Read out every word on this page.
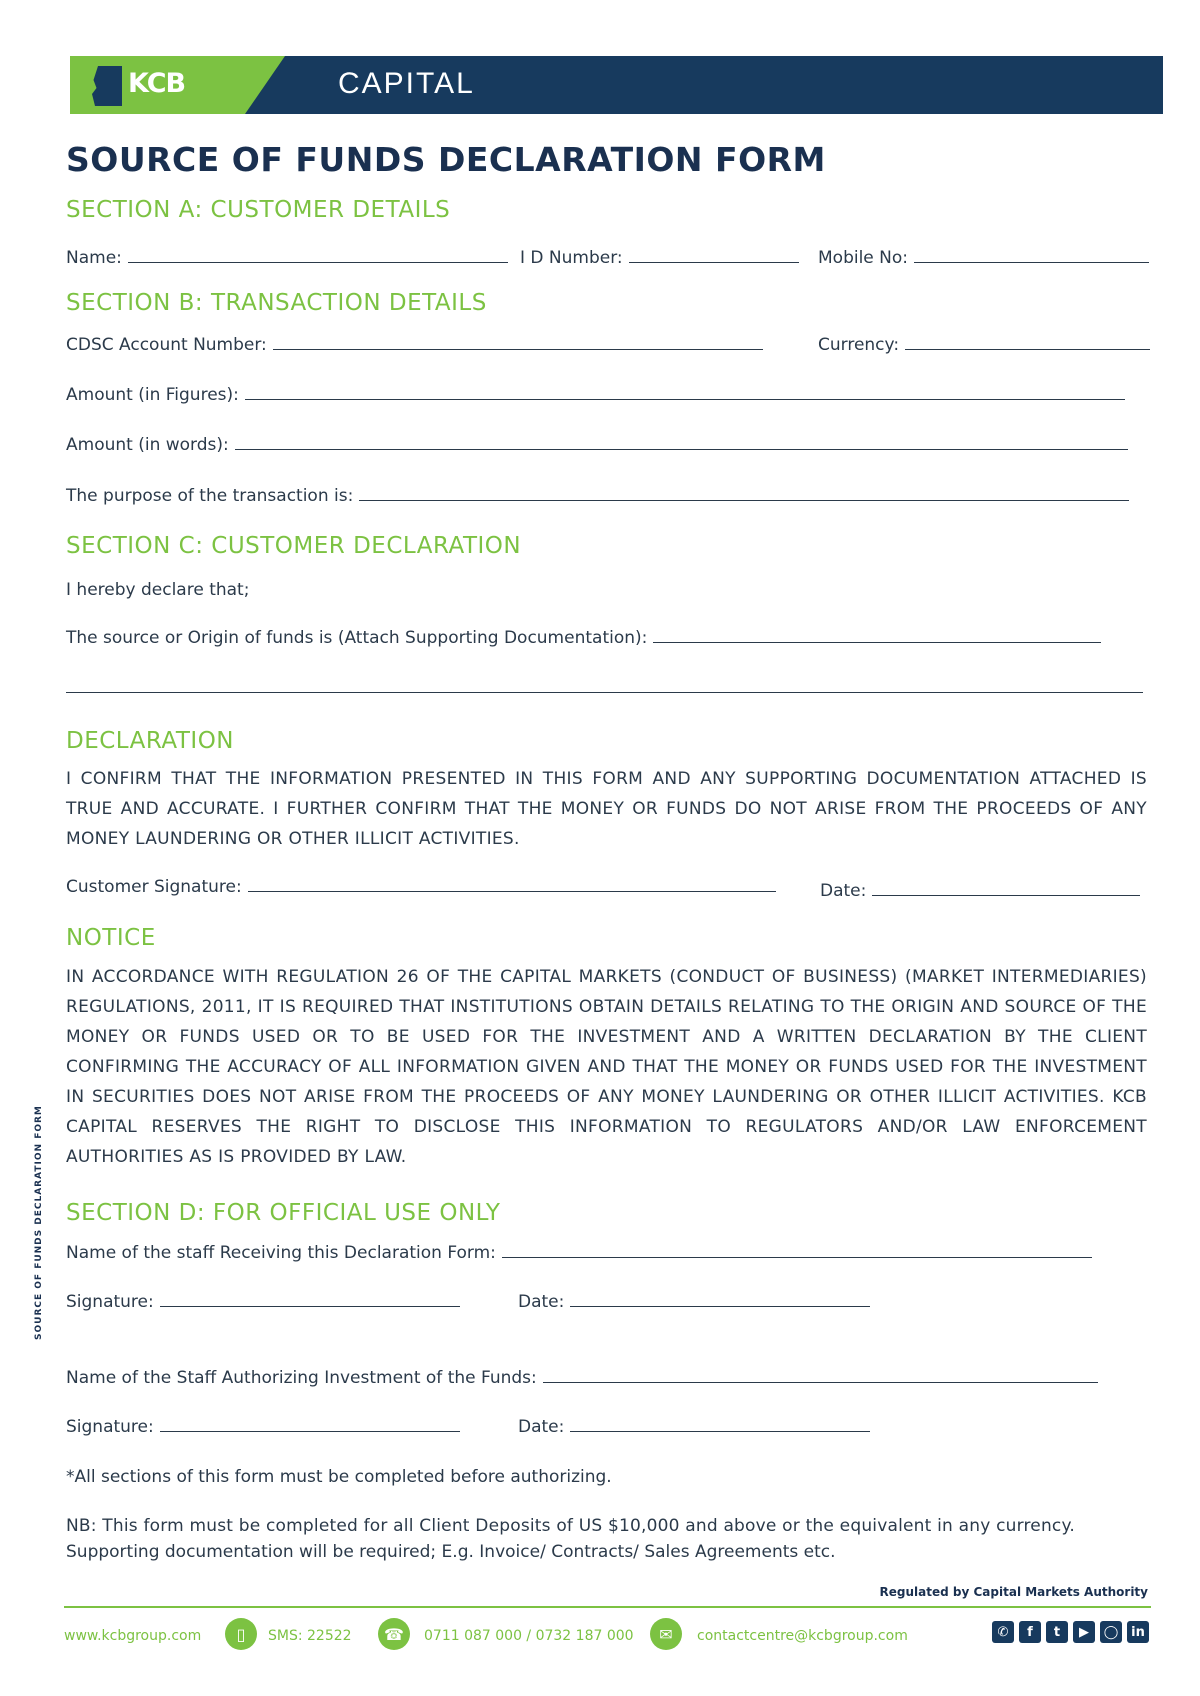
KCB	CAPITAL
SOURCE OF FUNDS DECLARATION FORM
SECTION A: CUSTOMER DETAILS
Name:	I D Number:	Mobile No:
SECTION B: TRANSACTION DETAILS
CDSC Account Number:	Currency:
Amount (in Figures):
Amount (in words):
The purpose of the transaction is:
SECTION C: CUSTOMER DECLARATION
I hereby declare that;
The source or Origin of funds is (Attach Supporting Documentation):
DECLARATION
I CONFIRM THAT THE INFORMATION PRESENTED IN THIS FORM AND ANY SUPPORTING DOCUMENTATION ATTACHED IS TRUE AND ACCURATE. I FURTHER CONFIRM THAT THE MONEY OR FUNDS DO NOT ARISE FROM THE PROCEEDS OF ANY MONEY LAUNDERING OR OTHER ILLICIT ACTIVITIES.
Customer Signature:	Date:
NOTICE
IN ACCORDANCE WITH REGULATION 26 OF THE CAPITAL MARKETS (CONDUCT OF BUSINESS) (MARKET INTERMEDIARIES) REGULATIONS, 2011, IT IS REQUIRED THAT INSTITUTIONS OBTAIN DETAILS RELATING TO THE ORIGIN AND SOURCE OF THE MONEY OR FUNDS USED OR TO BE USED FOR THE INVESTMENT AND A WRITTEN DECLARATION BY THE CLIENT CONFIRMING THE ACCURACY OF ALL INFORMATION GIVEN AND THAT THE MONEY OR FUNDS USED FOR THE INVESTMENT IN SECURITIES DOES NOT ARISE FROM THE PROCEEDS OF ANY MONEY LAUNDERING OR OTHER ILLICIT ACTIVITIES. KCB CAPITAL RESERVES THE RIGHT TO DISCLOSE THIS INFORMATION TO REGULATORS AND/OR LAW ENFORCEMENT AUTHORITIES AS IS PROVIDED BY LAW.
SECTION D: FOR OFFICIAL USE ONLY
Name of the staff Receiving this Declaration Form:
Signature:	Date:
Name of the Staff Authorizing Investment of the Funds:
Signature:	Date:
*All sections of this form must be completed before authorizing.
NB: This form must be completed for all Client Deposits of US $10,000 and above or the equivalent in any currency.
Supporting documentation will be required; E.g. Invoice/ Contracts/ Sales Agreements etc.
SOURCE OF FUNDS DECLARATION FORM
Regulated by Capital Markets Authority
www.kcbgroup.com	▯	SMS: 22522	☎	0711 087 000 / 0732 187 000	✉	contactcentre@kcbgroup.com	✆	f	t	▶	◯ in
